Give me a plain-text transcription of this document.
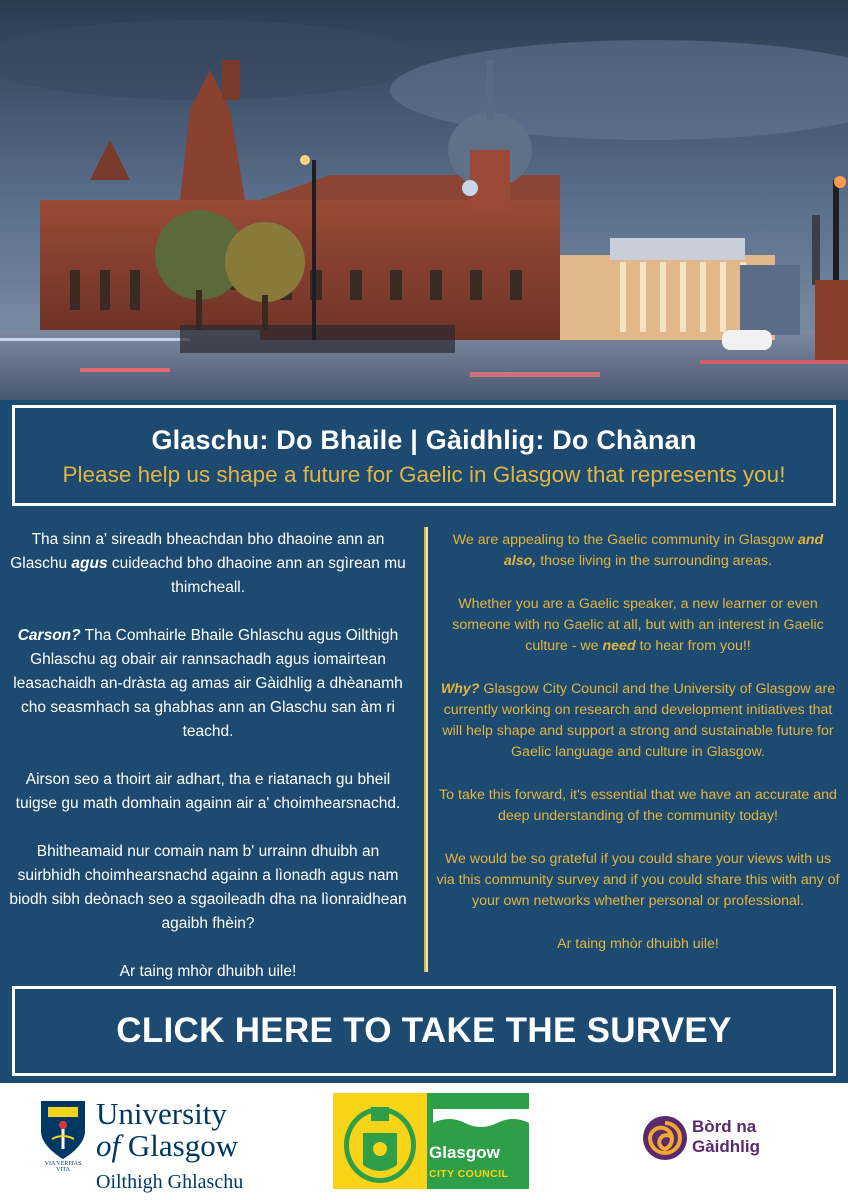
Glaschu: Do Bhaile | Gàidhlig: Do Chànan
Please help us shape a future for Gaelic in Glasgow that represents you!

Tha sinn a' sireadh bheachdan bho dhaoine ann an Glaschu agus cuideachd bho dhaoine ann an sgìrean mu thimcheall.

Carson? Tha Comhairle Bhaile Ghlaschu agus Oilthigh Ghlaschu ag obair air rannsachadh agus iomairtean leasachaidh an-dràsta ag amas air Gàidhlig a dhèanamh cho seasmhach sa ghabhas ann an Glaschu san àm ri teachd.

Airson seo a thoirt air adhart, tha e riatanach gu bheil tuigse gu math domhain againn air a' choimhearsnachd.

Bhitheamaid nur comain nam b' urrainn dhuibh an suirbhidh choimhearsnachd againn a lìonadh agus nam biodh sibh deònach seo a sgaoileadh dha na lìonraidhean agaibh fhèin?

Ar taing mhòr dhuibh uile!

We are appealing to the Gaelic community in Glasgow and also, those living in the surrounding areas.

Whether you are a Gaelic speaker, a new learner or even someone with no Gaelic at all, but with an interest in Gaelic culture - we need to hear from you!!

Why? Glasgow City Council and the University of Glasgow are currently working on research and development initiatives that will help shape and support a strong and sustainable future for Gaelic language and culture in Glasgow.

To take this forward, it's essential that we have an accurate and deep understanding of the community today!

We would be so grateful if you could share your views with us via this community survey and if you could share this with any of your own networks whether personal or professional.

Ar taing mhòr dhuibh uile!

CLICK HERE TO TAKE THE SURVEY
VIA VERITAS VITA
University
of Glasgow
Oilthigh Ghlaschu
Glasgow
CITY COUNCIL
Bòrd na
Gàidhlig
